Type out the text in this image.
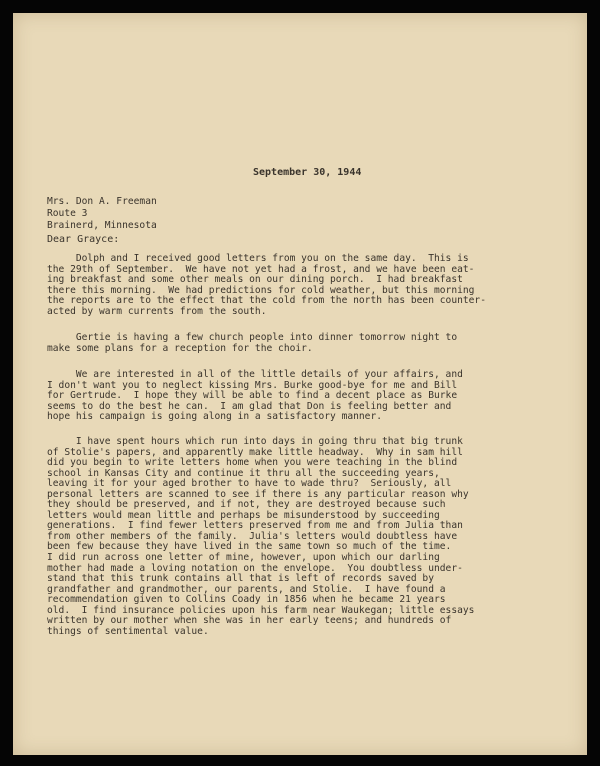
September 30, 1944
Mrs. Don A. Freeman
Route 3
Brainerd, Minnesota
Dear Grayce:
Dolph and I received good letters from you on the same day.  This is
the 29th of September.  We have not yet had a frost, and we have been eat-
ing breakfast and some other meals on our dining porch.  I had breakfast
there this morning.  We had predictions for cold weather, but this morning
the reports are to the effect that the cold from the north has been counter-
acted by warm currents from the south.
Gertie is having a few church people into dinner tomorrow night to
make some plans for a reception for the choir.
We are interested in all of the little details of your affairs, and
I don't want you to neglect kissing Mrs. Burke good-bye for me and Bill
for Gertrude.  I hope they will be able to find a decent place as Burke
seems to do the best he can.  I am glad that Don is feeling better and
hope his campaign is going along in a satisfactory manner.
I have spent hours which run into days in going thru that big trunk
of Stolie's papers, and apparently make little headway.  Why in sam hill
did you begin to write letters home when you were teaching in the blind
school in Kansas City and continue it thru all the succeeding years,
leaving it for your aged brother to have to wade thru?  Seriously, all
personal letters are scanned to see if there is any particular reason why
they should be preserved, and if not, they are destroyed because such
letters would mean little and perhaps be misunderstood by succeeding
generations.  I find fewer letters preserved from me and from Julia than
from other members of the family.  Julia's letters would doubtless have
been few because they have lived in the same town so much of the time.
I did run across one letter of mine, however, upon which our darling
mother had made a loving notation on the envelope.  You doubtless under-
stand that this trunk contains all that is left of records saved by
grandfather and grandmother, our parents, and Stolie.  I have found a
recommendation given to Collins Coady in 1856 when he became 21 years
old.  I find insurance policies upon his farm near Waukegan; little essays
written by our mother when she was in her early teens; and hundreds of
things of sentimental value.
